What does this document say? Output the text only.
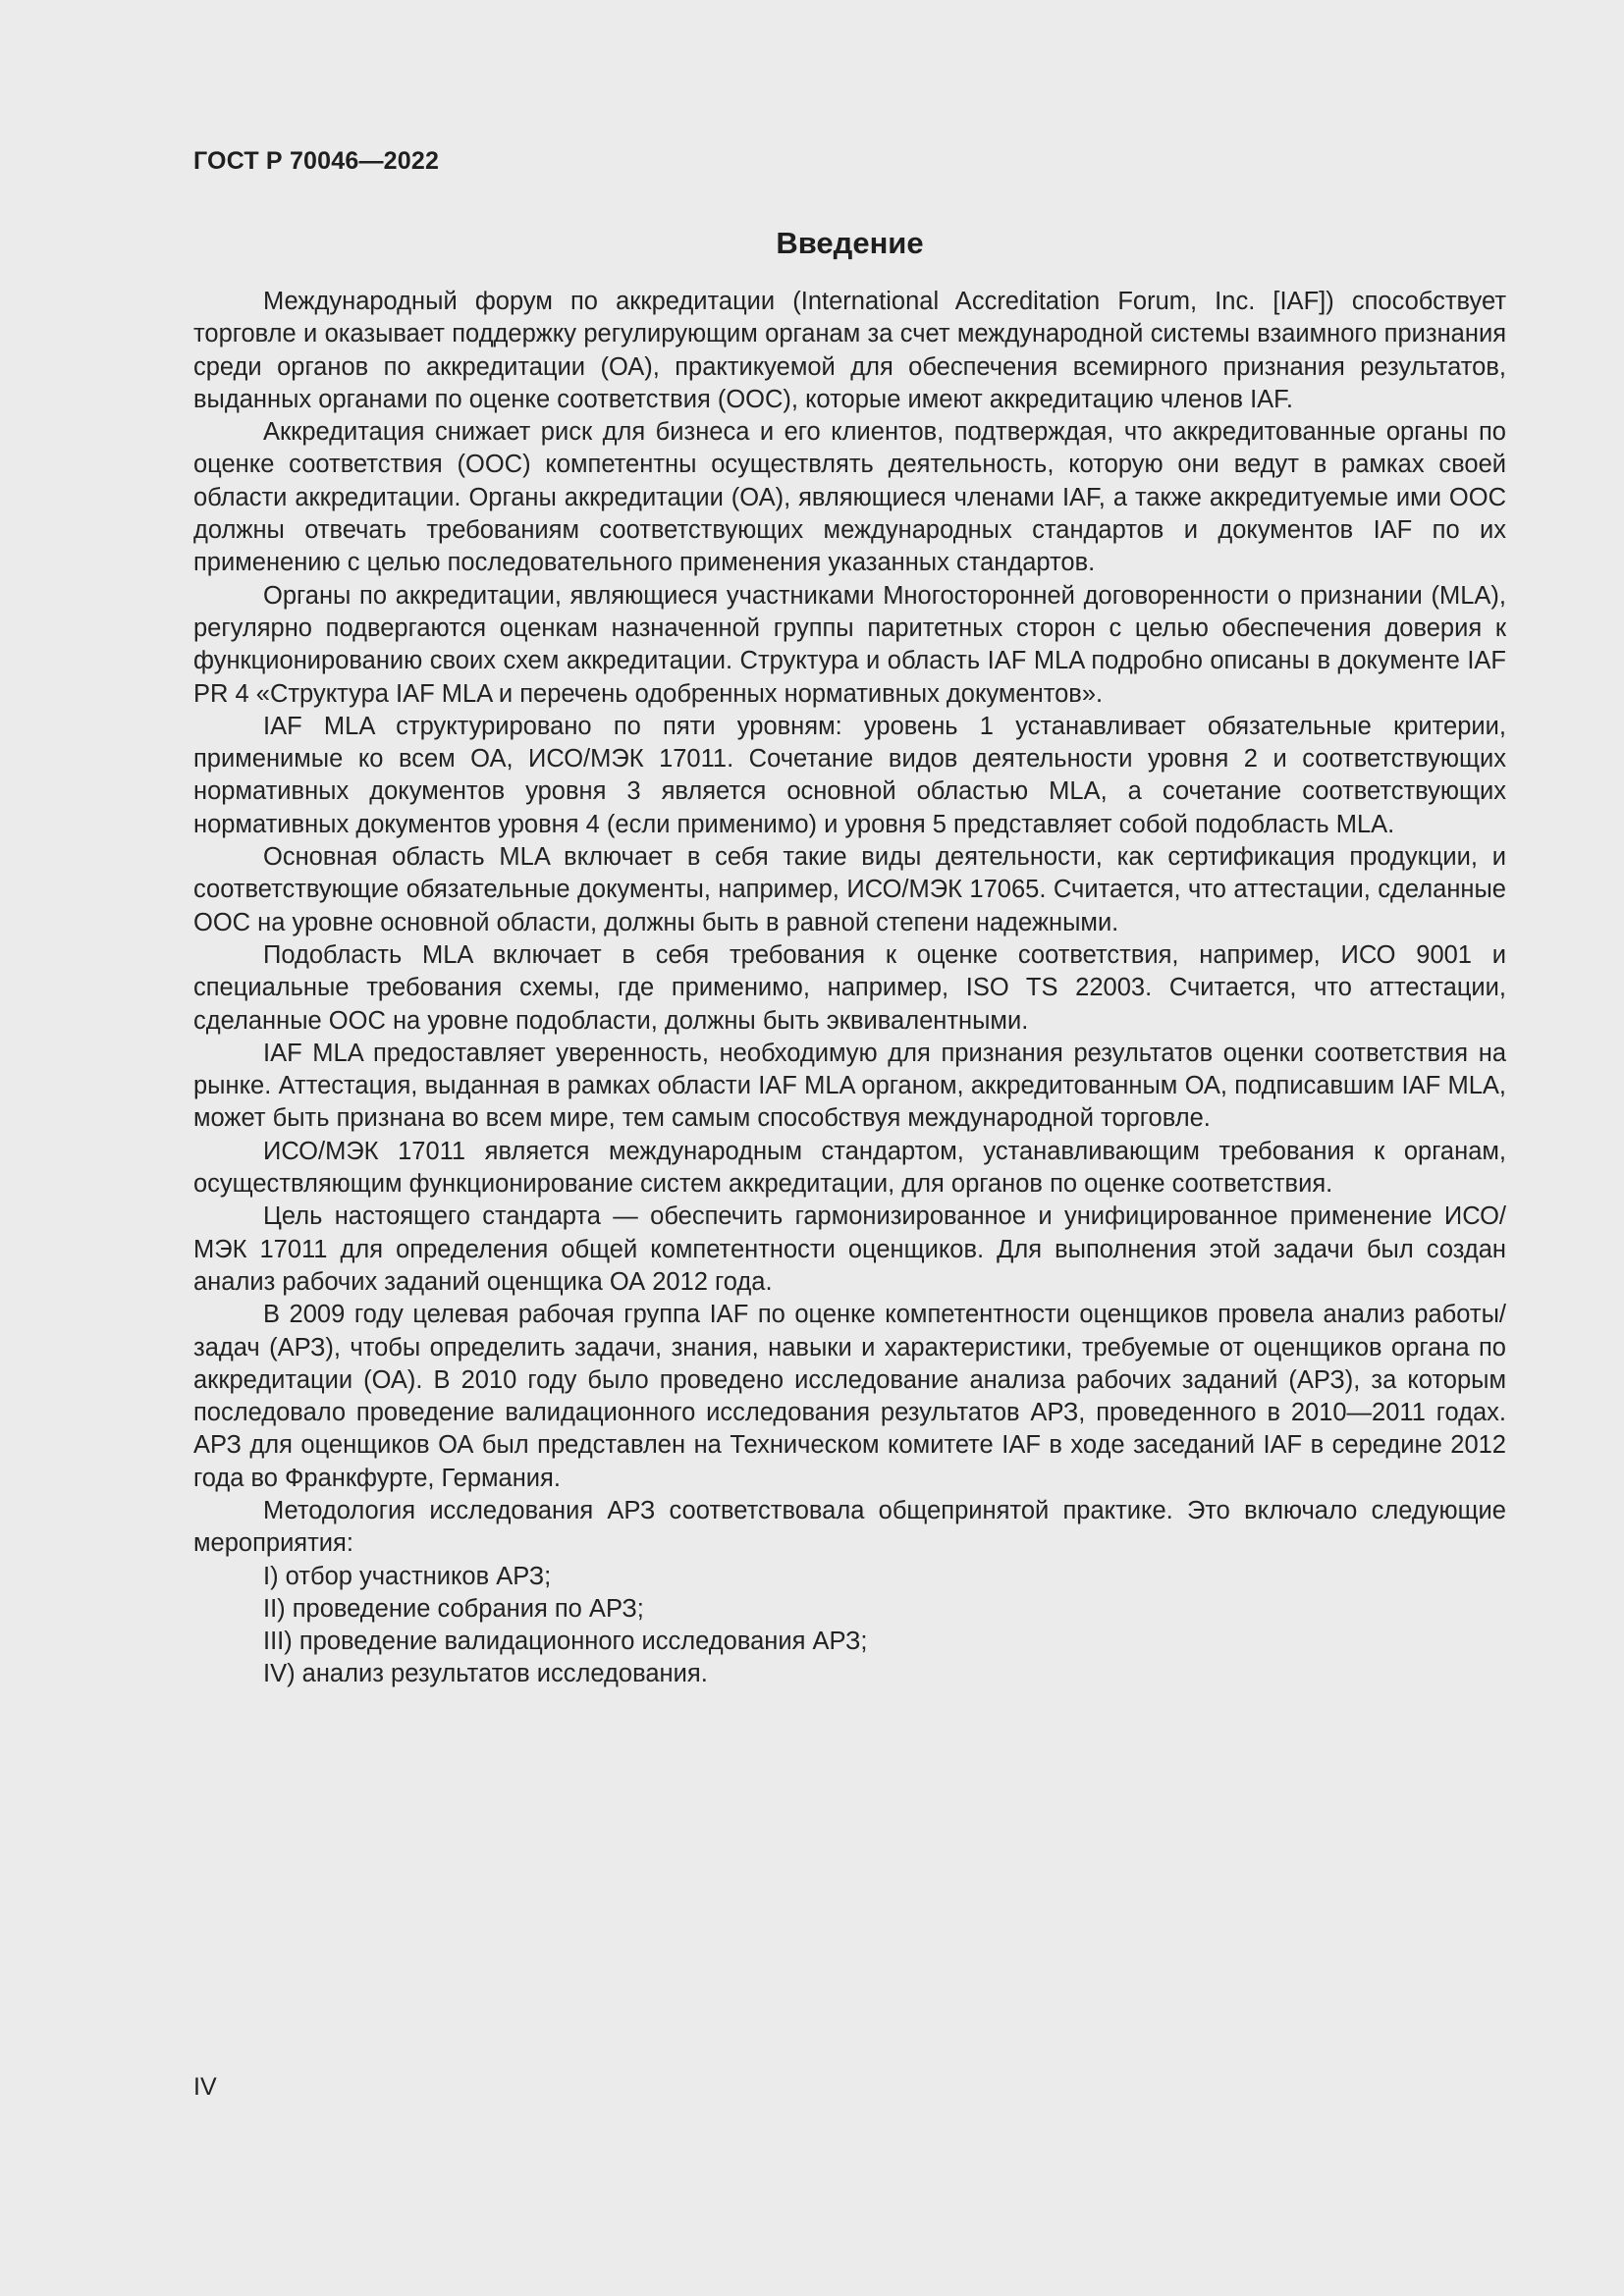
ГОСТ Р 70046—2022
Введение

Международный форум по аккредитации (International Accreditation Forum, Inc. [IAF]) способствует торговле и оказывает поддержку регулирующим органам за счет международной системы взаимного признания среди органов по аккредитации (ОА), практикуемой для обеспечения всемирного признания результатов, выданных органами по оценке соответствия (ООС), которые имеют аккредитацию членов IAF.

Аккредитация снижает риск для бизнеса и его клиентов, подтверждая, что аккредитованные органы по оценке соответствия (ООС) компетентны осуществлять деятельность, которую они ведут в рамках своей области аккредитации. Органы аккредитации (ОА), являющиеся членами IAF, а также аккредитуемые ими ООС должны отвечать требованиям соответствующих международных стандартов и документов IAF по их применению с целью последовательного применения указанных стандартов.

Органы по аккредитации, являющиеся участниками Многосторонней договоренности о признании (MLA), регулярно подвергаются оценкам назначенной группы паритетных сторон с целью обеспечения доверия к функционированию своих схем аккредитации. Структура и область IAF MLA подробно описаны в документе IAF PR 4 «Структура IAF MLA и перечень одобренных нормативных документов».

IAF MLA структурировано по пяти уровням: уровень 1 устанавливает обязательные критерии, применимые ко всем ОА, ИСО/МЭК 17011. Сочетание видов деятельности уровня 2 и соответствующих нормативных документов уровня 3 является основной областью MLA, а сочетание соответствующих нормативных документов уровня 4 (если применимо) и уровня 5 представляет собой подобласть MLA.

Основная область MLA включает в себя такие виды деятельности, как сертификация продукции, и соответствующие обязательные документы, например, ИСО/МЭК 17065. Считается, что аттестации, сделанные ООС на уровне основной области, должны быть в равной степени надежными.

Подобласть MLA включает в себя требования к оценке соответствия, например, ИСО 9001 и специальные требования схемы, где применимо, например, ISO TS 22003. Считается, что аттестации, сделанные ООС на уровне подобласти, должны быть эквивалентными.

IAF MLA предоставляет уверенность, необходимую для признания результатов оценки соответствия на рынке. Аттестация, выданная в рамках области IAF MLA органом, аккредитованным ОА, подписавшим IAF MLA, может быть признана во всем мире, тем самым способствуя международной торговле.

ИСО/МЭК 17011 является международным стандартом, устанавливающим требования к органам, осуществляющим функционирование систем аккредитации, для органов по оценке соответствия.

Цель настоящего стандарта — обеспечить гармонизированное и унифицированное применение ИСО/МЭК 17011 для определения общей компетентности оценщиков. Для выполнения этой задачи был создан анализ рабочих заданий оценщика ОА 2012 года.

В 2009 году целевая рабочая группа IAF по оценке компетентности оценщиков провела анализ работы/задач (АРЗ), чтобы определить задачи, знания, навыки и характеристики, требуемые от оценщиков органа по аккредитации (ОА). В 2010 году было проведено исследование анализа рабочих заданий (АРЗ), за которым последовало проведение валидационного исследования результатов АРЗ, проведенного в 2010—2011 годах. АРЗ для оценщиков ОА был представлен на Техническом комитете IAF в ходе заседаний IAF в середине 2012 года во Франкфурте, Германия.

Методология исследования АРЗ соответствовала общепринятой практике. Это включало следующие мероприятия:

I) отбор участников АРЗ;
II) проведение собрания по АРЗ;
III) проведение валидационного исследования АРЗ;
IV) анализ результатов исследования.
IV
